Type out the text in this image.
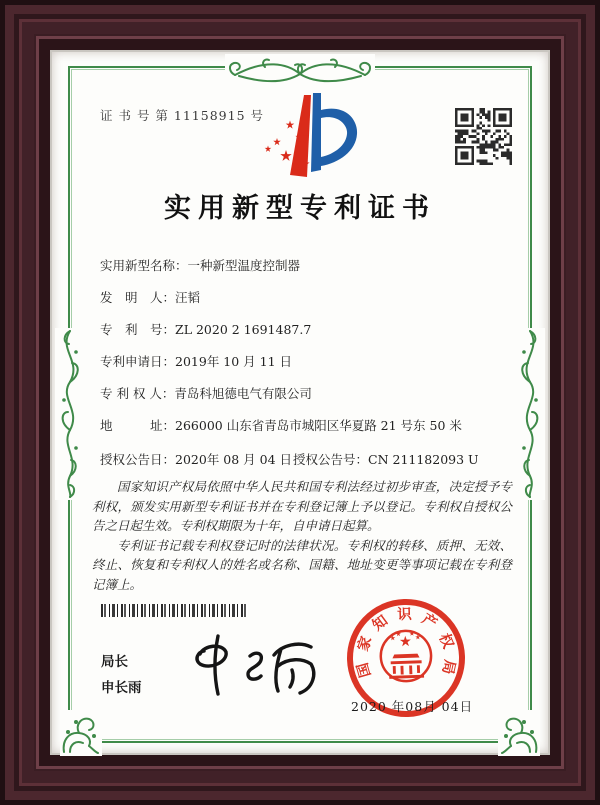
证 书 号 第 11158915 号
实用新型专利证书
实用新型名称：一种新型温度控制器
发　明　人：汪韬
专　利　号：ZL 2020 2 1691487.7
专利申请日：2019年 10 月 11 日
专 利 权 人：青岛科旭德电气有限公司
地　　　址：266000 山东省青岛市城阳区华夏路 21 号东 50 米
授权公告日：2020年 08 月 04 日 授权公告号：CN 211182093 U

国家知识产权局依照中华人民共和国专利法经过初步审查，决定授予专利权，颁发实用新型专利证书并在专利登记簿上予以登记。专利权自授权公告之日起生效。专利权期限为十年，自申请日起算。

专利证书记载专利权登记时的法律状况。专利权的转移、质押、无效、终止、恢复和专利权人的姓名或名称、国籍、地址变更等事项记载在专利登记簿上。

局长
申长雨
国
家
知 识 产
权
局
2020 年08月 04日
